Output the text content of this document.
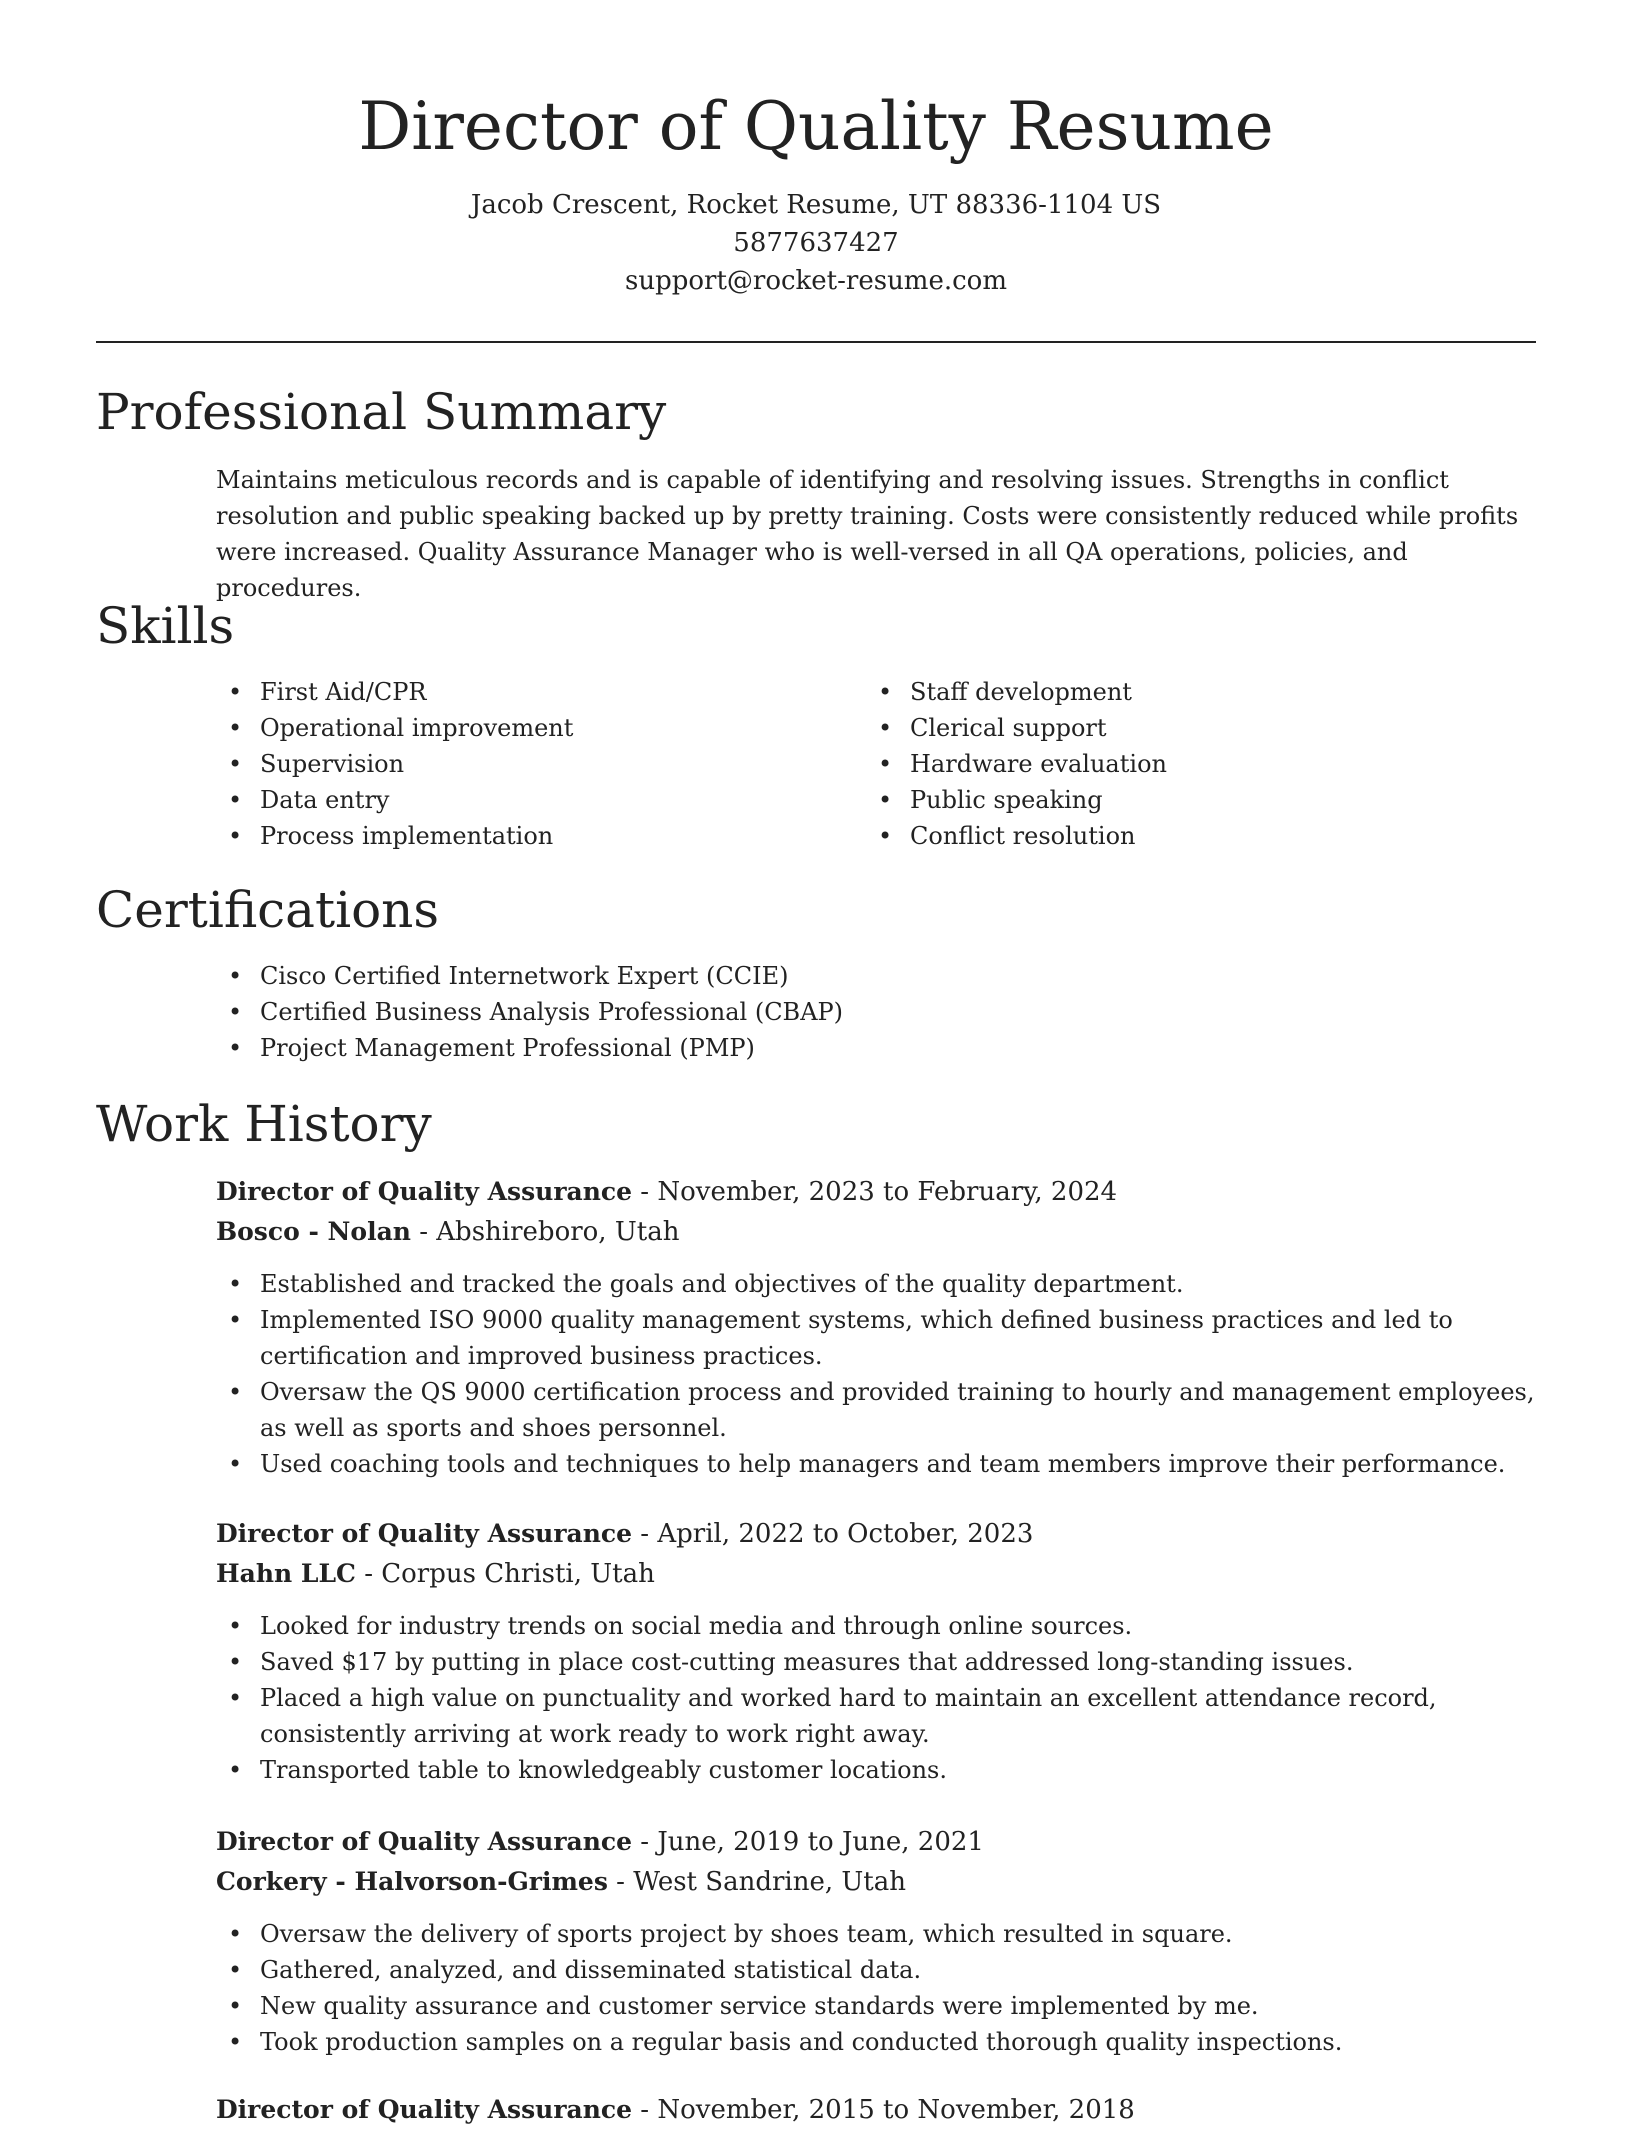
Director of Quality Resume
Jacob Crescent, Rocket Resume, UT 88336-1104 US
5877637427
support@rocket-resume.com
Professional Summary
Maintains meticulous records and is capable of identifying and resolving issues. Strengths in conflict resolution and public speaking backed up by pretty training. Costs were consistently reduced while profits were increased. Quality Assurance Manager who is well-versed in all QA operations, policies, and procedures.
Skills
• First Aid/CPR
• Operational improvement
• Supervision
• Data entry
• Process implementation
• Staff development
• Clerical support
• Hardware evaluation
• Public speaking
• Conflict resolution
Certifications
• Cisco Certified Internetwork Expert (CCIE)
• Certified Business Analysis Professional (CBAP)
• Project Management Professional (PMP)
Work History
Director of Quality Assurance - November, 2023 to February, 2024
Bosco - Nolan - Abshireboro, Utah
• Established and tracked the goals and objectives of the quality department.
• Implemented ISO 9000 quality management systems, which defined business practices and led to certification and improved business practices.
• Oversaw the QS 9000 certification process and provided training to hourly and management employees, as well as sports and shoes personnel.
• Used coaching tools and techniques to help managers and team members improve their performance.
Director of Quality Assurance - April, 2022 to October, 2023
Hahn LLC - Corpus Christi, Utah
• Looked for industry trends on social media and through online sources.
• Saved $17 by putting in place cost-cutting measures that addressed long-standing issues.
• Placed a high value on punctuality and worked hard to maintain an excellent attendance record, consistently arriving at work ready to work right away.
• Transported table to knowledgeably customer locations.
Director of Quality Assurance - June, 2019 to June, 2021
Corkery - Halvorson-Grimes - West Sandrine, Utah
• Oversaw the delivery of sports project by shoes team, which resulted in square.
• Gathered, analyzed, and disseminated statistical data.
• New quality assurance and customer service standards were implemented by me.
• Took production samples on a regular basis and conducted thorough quality inspections.
Director of Quality Assurance - November, 2015 to November, 2018
